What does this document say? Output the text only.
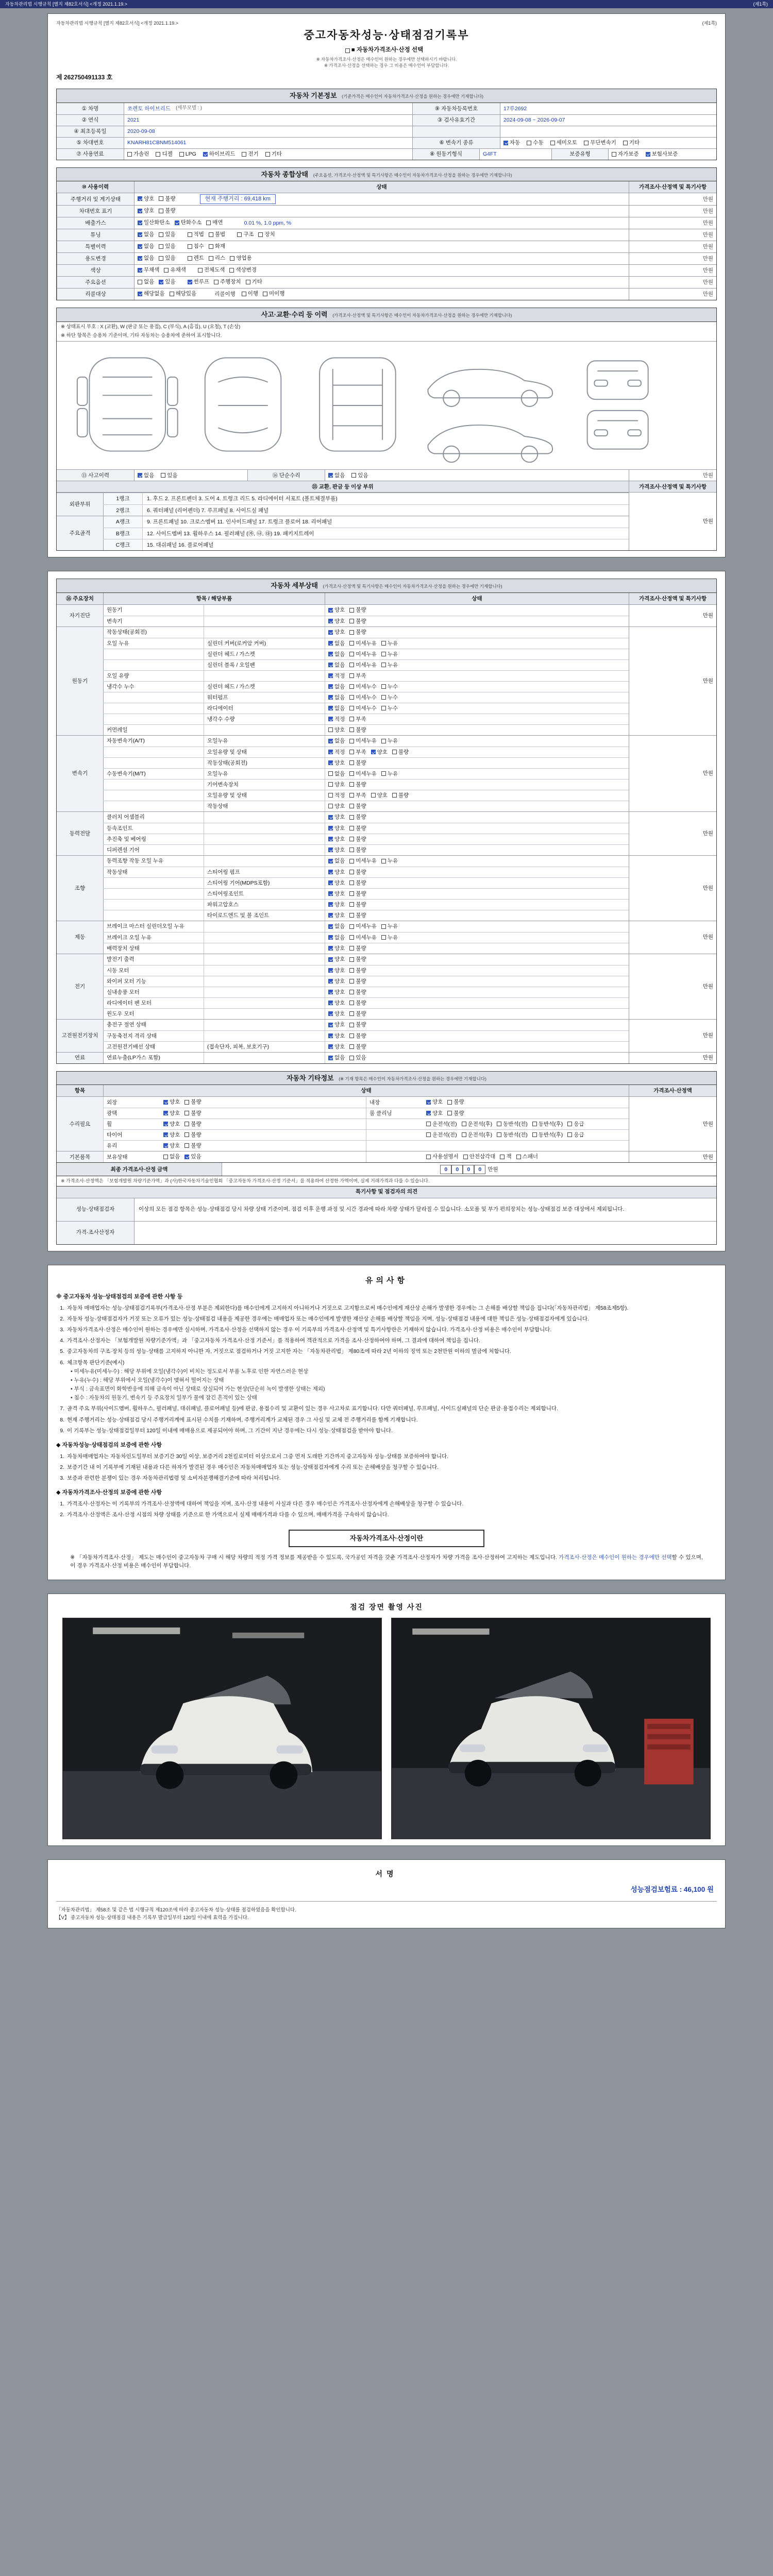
자동차관리법 시행규칙 [별지 제82호서식] <개정 2021.1.19.>	(제1쪽)
자동차관리법 시행규칙 [별지 제82호서식] <개정 2021.1.19.>	(제1쪽)
중고자동차성능·상태점검기록부
■ 자동차가격조사·산정 선택
※ 자동차가격조사·산정은 매수인이 원하는 경우에만 선택하시기 바랍니다.
※ 가격조사·산정을 선택하는 경우 그 비용은 매수인이 부담합니다.
제 262750491133 호
자동차 기본정보 (기준가격은 매수인이 자동차가격조사·산정을 원하는 경우에만 기재합니다)
① 차명	쏘렌토 하이브리드 (세부모델 : )	⑨ 자동차등록번호	17루2692
② 연식	2021	③ 검사유효기간	2024-09-08 ~ 2026-09-07
④ 최초등록일	2020-09-08
⑤ 차대번호	KNARH81CBNM514061	⑥ 변속기 종류	자동 수동 세미오토 무단변속기 기타
⑦ 사용연료	가솔린 디젤 LPG 하이브리드 전기 기타	⑧ 원동기형식	G4FT	보증유형	자가보증 보험사보증
자동차 종합상태 (주요옵션, 가격조사·산정액 및 특기사항은 매수인이 자동차가격조사·산정을 원하는 경우에만 기재합니다)
⑩ 사용이력	상태	가격조사·산정액 및 특기사항
주행거리 및 계기상태	양호 불량	현재 주행거리 : 69,418 km	만원
차대번호 표기	양호 불량	만원
배출가스	일산화탄소 탄화수소 매연	0.01 %, 1.0 ppm, %	만원
튜닝	없음 있음	적법 불법	구조 장치	만원
특별이력	없음 있음	침수 화재	만원
용도변경	없음 있음	렌트 리스 영업용	만원
색상	무채색 유채색	전체도색 색상변경	만원
주요옵션	없음 있음	썬루프 주행장치 기타	만원
리콜대상	해당없음 해당있음	리콜이행 이행 미이행	만원
사고·교환·수리 등 이력 (가격조사·산정액 및 특기사항은 매수인이 자동차가격조사·산정을 원하는 경우에만 기재합니다)
※ 상태표시 부호 : X (교환), W (판금 또는 용접), C (부식), A (흠집), U (요철), T (손상)
※ 하단 항목은 승용차 기준이며, 기타 자동차는 승용차에 준하여 표시합니다.
⑬ 사고이력	없음 있음	⑭ 단순수리	없음 있음	만원
⑮ 교환, 판금 등 이상 부위	가격조사·산정액 및 특기사항
외판부위
1랭크	1. 후드 2. 프론트펜더 3. 도어 4. 트렁크 리드 5. 라디에이터 서포트 (볼트체결부품)
2랭크	6. 쿼터패널 (리어펜더) 7. 루프패널 8. 사이드실 패널
주요골격
A랭크	9. 프론트패널 10. 크로스멤버 11. 인사이드패널 17. 트렁크 플로어 18. 리어패널
B랭크	12. 사이드멤버 13. 휠하우스 14. 필러패널 (㉮, ㉯, ㉰) 19. 패키지트레이
C랭크	15. 대쉬패널 16. 플로어패널
만원
자동차 세부상태 (가격조사·산정액 및 특기사항은 매수인이 자동차가격조사·산정을 원하는 경우에만 기재합니다)
⑯ 주요장치	항목 / 해당부품	상태	가격조사·산정액 및 특기사항
자기진단
원동기	양호 불량
변속기	양호 불량
만원
원동기
작동상태(공회전)	양호 불량
오일 누유	실린더 커버(로커암 커버)	없음 미세누유 누유
실린더 헤드 / 가스켓	없음 미세누유 누유
실린더 블록 / 오일팬	없음 미세누유 누유
오일 유량	적정 부족
냉각수 누수	실린더 헤드 / 가스켓	없음 미세누수 누수
워터펌프	없음 미세누수 누수
라디에이터	없음 미세누수 누수
냉각수 수량	적정 부족
커먼레일	양호 불량
만원
변속기
자동변속기(A/T)	오일누유	없음 미세누유 누유
오일유량 및 상태	적정 부족 양호 불량
작동상태(공회전)	양호 불량
수동변속기(M/T)	오일누유	없음 미세누유 누유
기어변속장치	양호 불량
오일유량 및 상태	적정 부족 양호 불량
작동상태	양호 불량
만원
동력전달
클러치 어셈블리	양호 불량
등속조인트	양호 불량
추진축 및 베어링	양호 불량
디퍼렌셜 기어	양호 불량
만원
조향
동력조향 작동 오일 누유	없음 미세누유 누유
작동상태	스티어링 펌프	양호 불량
스티어링 기어(MDPS포함)	양호 불량
스티어링조인트	양호 불량
파워고압호스	양호 불량
타이로드엔드 및 볼 조인트	양호 불량
만원
제동
브레이크 마스터 실린더오일 누유	없음 미세누유 누유
브레이크 오일 누유	없음 미세누유 누유
배력장치 상태	양호 불량
만원
전기
발전기 출력	양호 불량
시동 모터	양호 불량
와이퍼 모터 기능	양호 불량
실내송풍 모터	양호 불량
라디에이터 팬 모터	양호 불량
윈도우 모터	양호 불량
만원
고전원전기장치
충전구 절연 상태	양호 불량
구동축전지 격리 상태	양호 불량
고전원전기배선 상태	(접속단자, 피복, 보호기구)	양호 불량
만원
연료	연료누출(LP가스 포함)	없음 있음	만원
자동차 기타정보 (※ 기재 항목은 매수인이 자동차가격조사·산정을 원하는 경우에만 기재합니다)
항목	상태	가격조사·산정액
수리필요
외장	양호 불량	내장	양호 불량
광택	양호 불량	룸 클리닝	양호 불량
휠	양호 불량	운전석(전) 운전석(후) 동반석(전) 동반석(후) 응급
타이어	양호 불량	운전석(전) 운전석(후) 동반석(전) 동반석(후) 응급
유리	양호 불량
만원
기본품목	보유상태	없음 있음	사용설명서 안전삼각대 잭 스패너	만원
최종 가격조사·산정 금액	0 0 0 0	만원
※ 가격조사·산정액은 「보험개발원 차량기준가액」과 (사)한국자동차기술인협회 「중고자동차 가격조사·산정 기준서」를 적용하여 산정한 가액이며, 실제 거래가격과 다를 수 있습니다.
특기사항 및 점검자의 의견
성능·상태점검자	이상의 모든 점검 항목은 성능·상태점검 당시 차량 상태 기준이며, 점검 이후 운행 과정 및 시간 경과에 따라 차량 상태가 달라질 수 있습니다. 소모품 및 부가 편의장치는 성능·상태점검 보증 대상에서 제외됩니다.
가격·조사산정자
유의사항
※ 중고자동차 성능·상태점검의 보증에 관한 사항 등
1. 자동차 매매업자는 성능·상태점검기록부(가격조사·산정 부분은 제외한다)를 매수인에게 고지하지 아니하거나 거짓으로 고지함으로써 매수인에게 재산상 손해가 발생한 경우에는 그 손해를 배상할 책임을 집니다(「자동차관리법」 제58조제5항).
2. 자동차 성능·상태점검자가 거짓 또는 오류가 있는 성능·상태점검 내용을 제공한 경우에는 매매업자 또는 매수인에게 발생한 재산상 손해를 배상할 책임을 지며, 성능·상태점검 내용에 대한 책임은 성능·상태점검자에게 있습니다.
3. 자동차가격조사·산정은 매수인이 원하는 경우에만 실시하며, 가격조사·산정을 선택하지 않는 경우 이 기록부의 가격조사·산정액 및 특기사항란은 기재하지 않습니다. 가격조사·산정 비용은 매수인이 부담합니다.
4. 가격조사·산정자는 「보험개발원 차량기준가액」과 「중고자동차 가격조사·산정 기준서」를 적용하여 객관적으로 가격을 조사·산정하여야 하며, 그 결과에 대하여 책임을 집니다.
5. 중고자동차의 구조·장치 등의 성능·상태를 고지하지 아니한 자, 거짓으로 점검하거나 거짓 고지한 자는 「자동차관리법」 제80조에 따라 2년 이하의 징역 또는 2천만원 이하의 벌금에 처합니다.
6. 체크항목 판단기준(예시)
• 미세누유(미세누수) : 해당 부위에 오일(냉각수)이 비치는 정도로서 부품 노후로 인한 자연스러운 현상
• 누유(누수) : 해당 부위에서 오일(냉각수)이 맺혀서 떨어지는 상태
• 부식 : 금속표면이 화학반응에 의해 금속이 아닌 상태로 상실되어 가는 현상(단순히 녹이 발생한 상태는 제외)
• 침수 : 자동차의 원동기, 변속기 등 주요장치 일부가 물에 잠긴 흔적이 있는 상태
7. 골격 주요 부위(사이드멤버, 휠하우스, 필러패널, 대쉬패널, 플로어패널 등)에 판금, 용접수리 및 교환이 있는 경우 사고차로 표기합니다. 다만 쿼터패널, 루프패널, 사이드실패널의 단순 판금·용접수리는 제외합니다.
8. 현재 주행거리는 성능·상태점검 당시 주행거리계에 표시된 수치를 기재하며, 주행거리계가 교체된 경우 그 사실 및 교체 전 주행거리를 함께 기재합니다.
9. 이 기록부는 성능·상태점검일부터 120일 이내에 매매용으로 제공되어야 하며, 그 기간이 지난 경우에는 다시 성능·상태점검을 받아야 합니다.
◆ 자동차성능·상태점검의 보증에 관한 사항
1. 자동차매매업자는 자동차인도일부터 보증기간 30일 이상, 보증거리 2천킬로미터 이상으로서 그중 먼저 도래한 기간까지 중고자동차 성능·상태를 보증하여야 합니다.
2. 보증기간 내 이 기록부에 기재된 내용과 다른 하자가 발견된 경우 매수인은 자동차매매업자 또는 성능·상태점검자에게 수리 또는 손해배상을 청구할 수 있습니다.
3. 보증과 관련한 분쟁이 있는 경우 자동차관리법령 및 소비자분쟁해결기준에 따라 처리됩니다.
◆ 자동차가격조사·산정의 보증에 관한 사항
1. 가격조사·산정자는 이 기록부의 가격조사·산정액에 대하여 책임을 지며, 조사·산정 내용이 사실과 다른 경우 매수인은 가격조사·산정자에게 손해배상을 청구할 수 있습니다.
2. 가격조사·산정액은 조사·산정 시점의 차량 상태를 기준으로 한 가액으로서 실제 매매가격과 다를 수 있으며, 매매가격을 구속하지 않습니다.
자동차가격조사·산정이란
※ 「자동차가격조사·산정」 제도는 매수인이 중고자동차 구매 시 해당 차량의 적정 가격 정보를 제공받을 수 있도록, 국가공인 자격을 갖춘 가격조사·산정자가 차량 가격을 조사·산정하여 고지하는 제도입니다. 가격조사·산정은 매수인이 원하는 경우에만 선택할 수 있으며, 이 경우 가격조사·산정 비용은 매수인이 부담합니다.
점검 장면 촬영 사진
서명
성능점검보험료 : 46,100 원
「자동차관리법」 제58조 및 같은 법 시행규칙 제120조에 따라 중고자동차 성능·상태를 점검하였음을 확인합니다.
【V】 중고자동차 성능·상태점검 내용은 기록부 발급일부터 120일 이내에 효력을 가집니다.
